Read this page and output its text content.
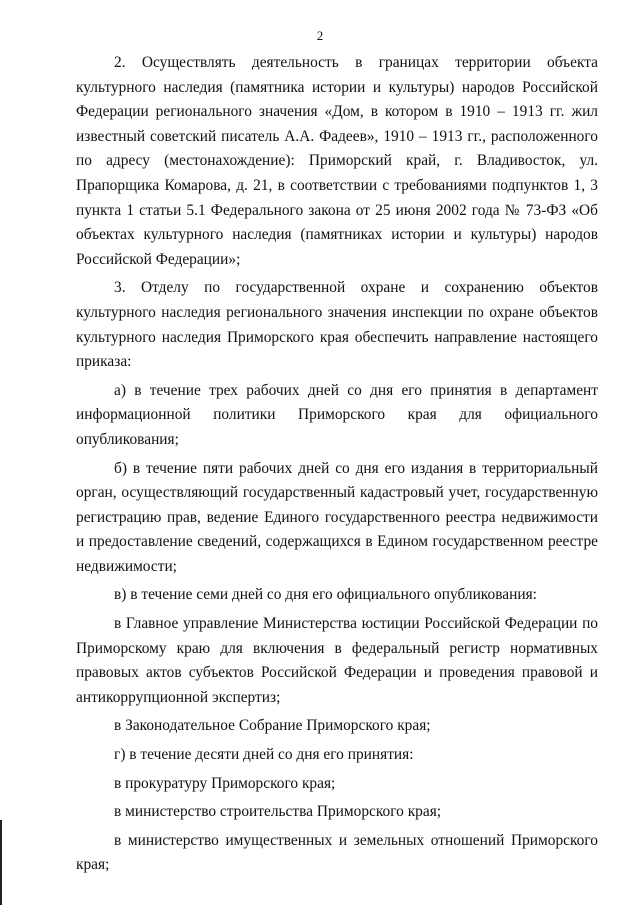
2

2. Осуществлять деятельность в границах территории объекта культурного наследия (памятника истории и культуры) народов Российской Федерации регионального значения «Дом, в котором в 1910 – 1913 гг. жил известный советский писатель А.А. Фадеев», 1910 – 1913 гг., расположенного по адресу (местонахождение): Приморский край, г. Владивосток, ул. Прапорщика Комарова, д. 21, в соответствии с требованиями подпунктов 1, 3 пункта 1 статьи 5.1 Федерального закона от 25 июня 2002 года № 73-ФЗ «Об объектах культурного наследия (памятниках истории и культуры) народов Российской Федерации»;

3. Отделу по государственной охране и сохранению объектов культурного наследия регионального значения инспекции по охране объектов культурного наследия Приморского края обеспечить направление настоящего приказа:

а) в течение трех рабочих дней со дня его принятия в департамент информационной политики Приморского края для официального опубликования;

б) в течение пяти рабочих дней со дня его издания в территориальный орган, осуществляющий государственный кадастровый учет, государственную регистрацию прав, ведение Единого государственного реестра недвижимости и предоставление сведений, содержащихся в Едином государственном реестре недвижимости;

в) в течение семи дней со дня его официального опубликования:

в Главное управление Министерства юстиции Российской Федерации по Приморскому краю для включения в федеральный регистр нормативных правовых актов субъектов Российской Федерации и проведения правовой и антикоррупционной экспертиз;

в Законодательное Собрание Приморского края;

г) в течение десяти дней со дня его принятия:

в прокуратуру Приморского края;

в министерство строительства Приморского края;

в министерство имущественных и земельных отношений Приморского края;
